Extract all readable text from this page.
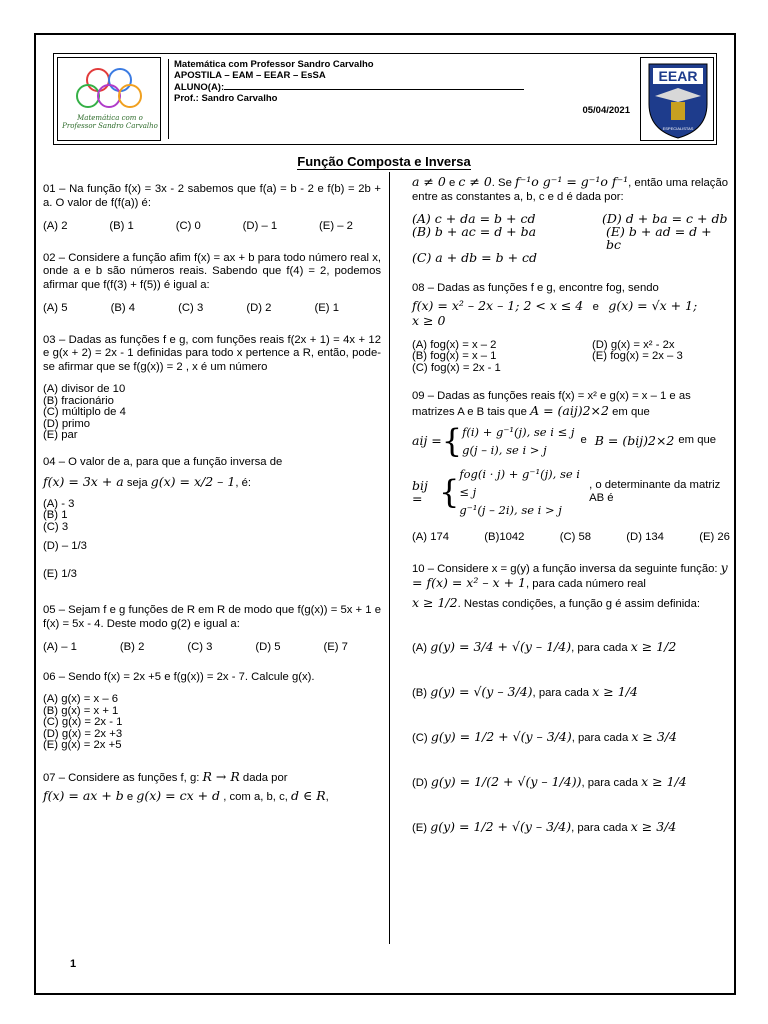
Matemática com o Professor Sandro Carvalho
Matemática com Professor Sandro Carvalho
APOSTILA – EAM – EEAR – EsSA
ALUNO(A):
Prof.: Sandro Carvalho
05/04/2021
EEAR
ESPECIALISTAS
Função Composta e Inversa

01 – Na função f(x) = 3x - 2 sabemos que f(a) = b - 2 e f(b) = 2b + a. O valor de f(f(a)) é:

(A) 2	(B) 1	(C) 0	(D) – 1	(E) – 2

02 – Considere a função afim f(x) = ax + b para todo número real x, onde a e b são números reais. Sabendo que f(4) = 2, podemos afirmar que f(f(3) + f(5)) é igual a:

(A) 5	(B) 4	(C) 3	(D) 2	(E) 1

03 – Dadas as funções f e g, com funções reais f(2x + 1) = 4x + 12 e g(x + 2) = 2x - 1 definidas para todo x pertence a R, então, pode-se afirmar que se f(g(x)) = 2 , x é um número

(A) divisor de 10
(B) fracionário
(C) múltiplo de 4
(D) primo
(E) par

04 – O valor de a, para que a função inversa de

f(x) = 3x + a seja g(x) = x/2 – 1, é:

(A) - 3
(B) 1
(C) 3
(D) – 1/3
(E) 1/3

05 – Sejam f e g funções de R em R de modo que f(g(x)) = 5x + 1 e f(x) = 5x - 4. Deste modo g(2) e igual a:

(A) – 1	(B) 2	(C) 3	(D) 5	(E) 7

06 – Sendo f(x) = 2x +5 e f(g(x)) = 2x - 7. Calcule g(x).

(A) g(x) = x – 6
(B) g(x) = x + 1
(C) g(x) = 2x - 1
(D) g(x) = 2x +3
(E) g(x) = 2x +5

07 – Considere as funções f, g: R → R dada por

f(x) = ax + b e g(x) = cx + d , com a, b, c, d ∈ R,

a ≠ 0 e c ≠ 0. Se f⁻¹o g⁻¹ = g⁻¹o f⁻¹, então uma relação entre as constantes a, b, c e d é dada por:

(A) c + da = b + cd	(D) d + ba = c + db
(B) b + ac = d + ba	(E) b + ad = d + bc
(C) a + db = b + cd

08 – Dadas as funções f e g, encontre fog, sendo

f(x) = x² – 2x – 1; 2 < x ≤ 4 e g(x) = √x + 1;

x ≥ 0

(A) fog(x) = x – 2	(D) g(x) = x² - 2x
(B) fog(x) = x – 1	(E) fog(x) = 2x – 3
(C) fog(x) = 2x - 1

09 – Dadas as funções reais f(x) = x² e g(x) = x – 1 e as matrizes A e B tais que A = (aij)2×2 em que

aij = { f(i) + g⁻¹(j), se i ≤ j
g(j – i), se i > j
e B = (bij)2×2 em que
bij = { fog(i · j) + g⁻¹(j), se i ≤ j
g⁻¹(j – 2i), se i > j
, o determinante da matriz AB é
(A) 174	(B)1042	(C) 58	(D) 134	(E) 26

10 – Considere x = g(y) a função inversa da seguinte função: y = f(x) = x² – x + 1, para cada número real

x ≥ 1/2. Nestas condições, a função g é assim definida:

(A) g(y) = 3/4 + √(y – 1/4), para cada x ≥ 1/2
(B) g(y) = √(y – 3/4), para cada x ≥ 1/4
(C) g(y) = 1/2 + √(y – 3/4), para cada x ≥ 3/4
(D) g(y) = 1/(2 + √(y – 1/4)), para cada x ≥ 1/4
(E) g(y) = 1/2 + √(y – 3/4), para cada x ≥ 3/4
1
